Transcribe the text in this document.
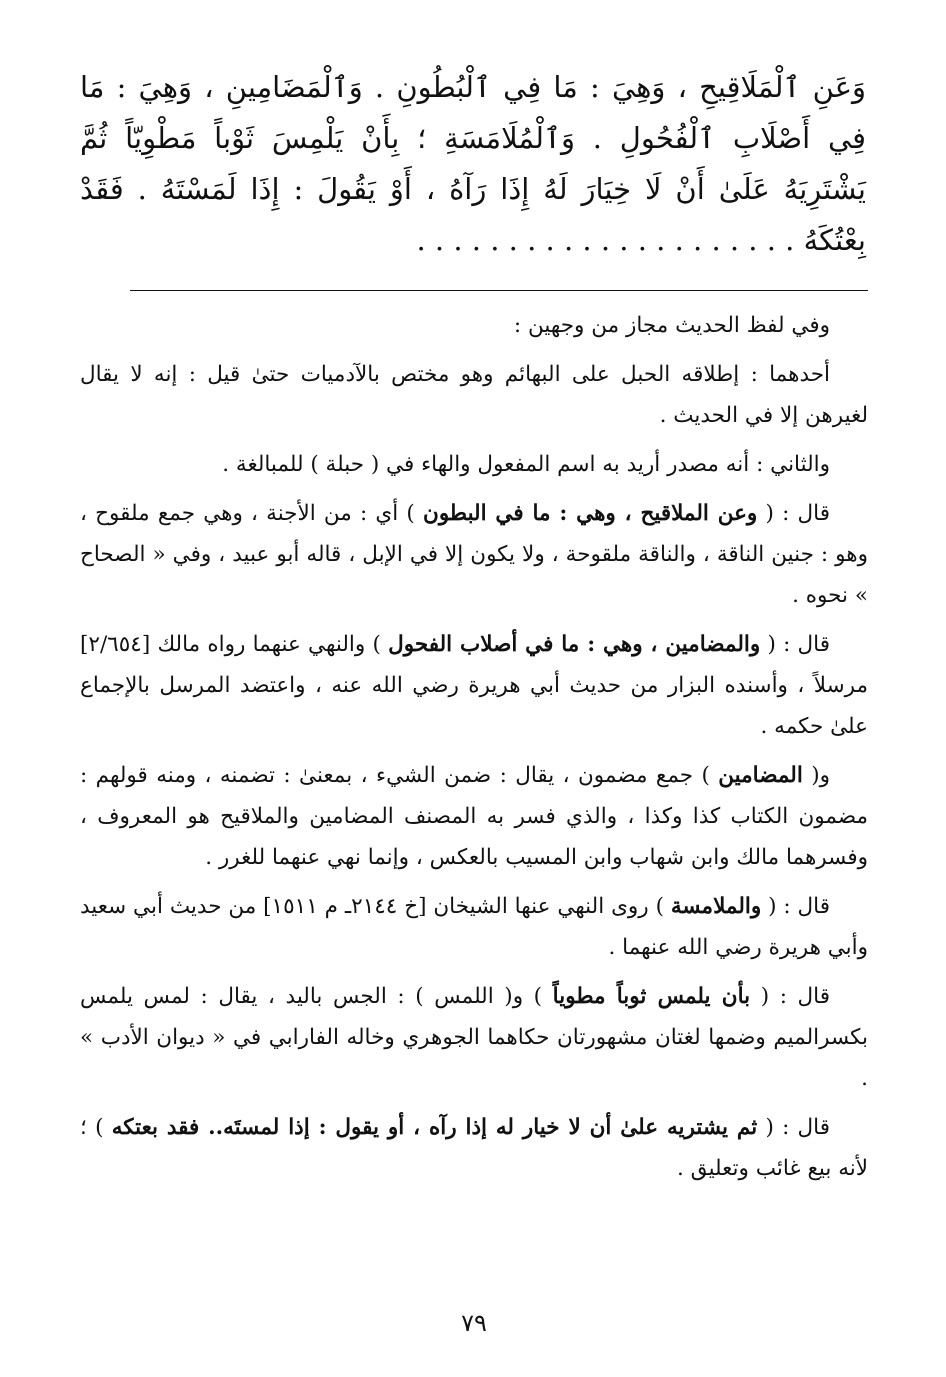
وَعَنِ ٱلْمَلَاقِيحِ ، وَهِيَ : مَا فِي ٱلْبُطُونِ . وَٱلْمَضَامِينِ ، وَهِيَ : مَا فِي أَصْلَابِ ٱلْفُحُولِ . وَٱلْمُلَامَسَةِ ؛ بِأَنْ يَلْمِسَ ثَوْباً مَطْوِيّاً ثُمَّ يَشْتَرِيَهُ عَلَىٰ أَنْ لَا خِيَارَ لَهُ إِذَا رَآهُ ، أَوْ يَقُولَ : إِذَا لَمَسْتَهُ . فَقَدْ بِعْتُكَهُ . . . . . . . . . . . . . . . . . . . . .

وفي لفظ الحديث مجاز من وجهين :

أحدهما : إطلاقه الحبل على البهائم وهو مختص بالآدميات حتىٰ قيل : إنه لا يقال لغيرهن إلا في الحديث .

والثاني : أنه مصدر أريد به اسم المفعول والهاء في ( حبلة ) للمبالغة .

قال : ( وعن الملاقيح ، وهي : ما في البطون ) أي : من الأجنة ، وهي جمع ملقوح ، وهو : جنين الناقة ، والناقة ملقوحة ، ولا يكون إلا في الإبل ، قاله أبو عبيد ، وفي « الصحاح » نحوه .

قال : ( والمضامين ، وهي : ما في أصلاب الفحول ) والنهي عنهما رواه مالك [٢/٦٥٤] مرسلاً ، وأسنده البزار من حديث أبي هريرة رضي الله عنه ، واعتضد المرسل بالإجماع علىٰ حكمه .

و( المضامين ) جمع مضمون ، يقال : ضمن الشيء ، بمعنىٰ : تضمنه ، ومنه قولهم : مضمون الكتاب كذا وكذا ، والذي فسر به المصنف المضامين والملاقيح هو المعروف ، وفسرهما مالك وابن شهاب وابن المسيب بالعكس ، وإنما نهي عنهما للغرر .

قال : ( والملامسة ) روى النهي عنها الشيخان [خ ٢١٤٤ـ م ١٥١١] من حديث أبي سعيد وأبي هريرة رضي الله عنهما .

قال : ( بأن يلمس ثوباً مطوياً ) و( اللمس ) : الجس باليد ، يقال : لمس يلمس بكسرالميم وضمها لغتان مشهورتان حكاهما الجوهري وخاله الفارابي في « ديوان الأدب » .

قال : ( ثم يشتريه علىٰ أن لا خيار له إذا رآه ، أو يقول : إذا لمستَه.. فقد بعتكه ) ؛ لأنه بيع غائب وتعليق .

٧٩
